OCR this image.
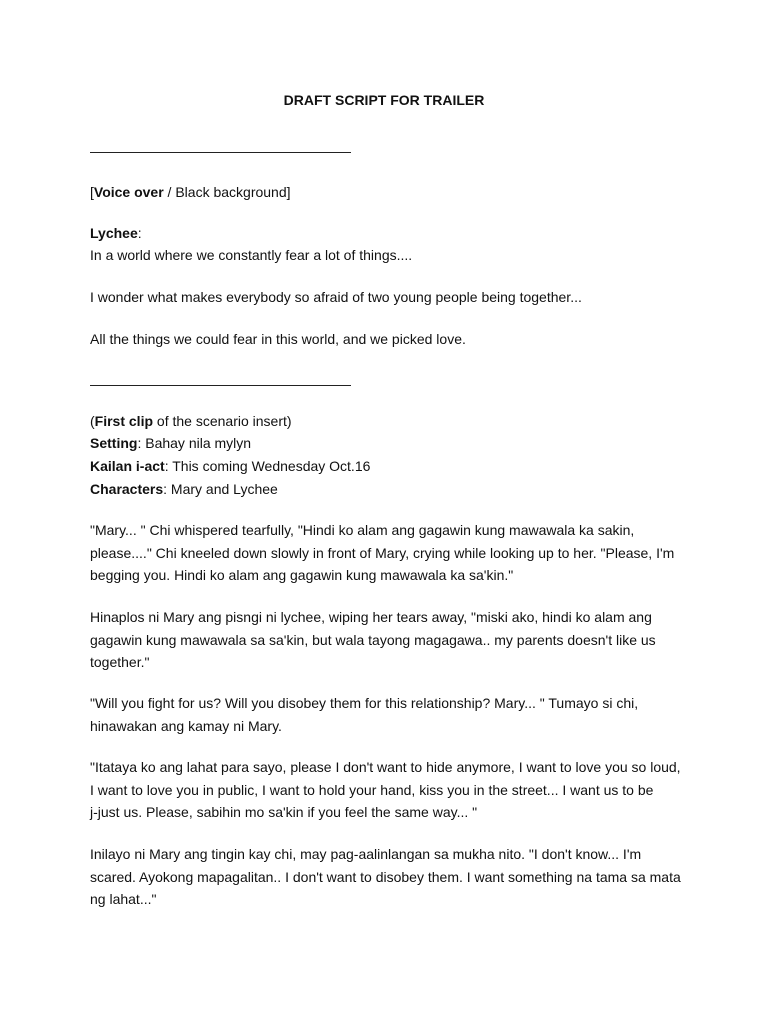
DRAFT SCRIPT FOR TRAILER
[Voice over / Black background]
Lychee:
In a world where we constantly fear a lot of things....
I wonder what makes everybody so afraid of two young people being together...
All the things we could fear in this world, and we picked love.
(First clip of the scenario insert)
Setting: Bahay nila mylyn
Kailan i-act: This coming Wednesday Oct.16
Characters: Mary and Lychee
"Mary... " Chi whispered tearfully, "Hindi ko alam ang gagawin kung mawawala ka sakin,
please...." Chi kneeled down slowly in front of Mary, crying while looking up to her. "Please, I'm
begging you. Hindi ko alam ang gagawin kung mawawala ka sa'kin."
Hinaplos ni Mary ang pisngi ni lychee, wiping her tears away, "miski ako, hindi ko alam ang
gagawin kung mawawala sa sa'kin, but wala tayong magagawa.. my parents doesn't like us
together."
"Will you fight for us? Will you disobey them for this relationship? Mary... " Tumayo si chi,
hinawakan ang kamay ni Mary.
"Itataya ko ang lahat para sayo, please I don't want to hide anymore, I want to love you so loud,
I want to love you in public, I want to hold your hand, kiss you in the street... I want us to be
j-just us. Please, sabihin mo sa'kin if you feel the same way... "
Inilayo ni Mary ang tingin kay chi, may pag-aalinlangan sa mukha nito. "I don't know... I'm
scared. Ayokong mapagalitan.. I don't want to disobey them. I want something na tama sa mata
ng lahat..."
